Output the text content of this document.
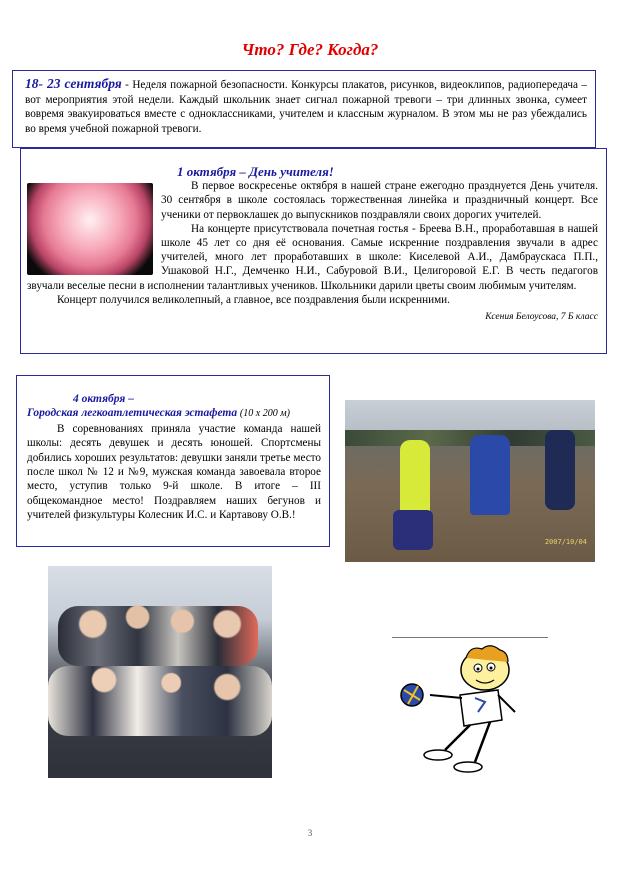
Что? Где? Когда?
18- 23 сентября - Неделя пожарной безопасности. Конкурсы плакатов, рисунков, видеоклипов, радиопередача – вот мероприятия этой недели. Каждый школьник знает сигнал пожарной тревоги – три длинных звонка, сумеет вовремя эвакуироваться вместе с одноклассниками, учителем и классным журналом. В этом мы не раз убеждались во время учебной пожарной тревоги.
1 октября – День учителя!
В первое воскресенье октября в нашей стране ежегодно празднуется День учителя. 30 сентября в школе состоялась торжественная линейка и праздничный концерт. Все ученики от первоклашек до выпускников поздравляли своих дорогих учителей.
На концерте присутствовала почетная гостья - Бреева В.Н., проработавшая в нашей школе 45 лет со дня её основания. Самые искренние поздравления звучали в адрес учителей, много лет проработавших в школе: Киселевой А.И., Дамбраускаса П.П., Ушаковой Н.Г., Демченко Н.И., Сабуровой В.И., Целигоровой Е.Г. В честь педагогов звучали веселые песни в исполнении талантливых учеников. Школьники дарили цветы своим любимым учителям.
Концерт получился великолепный, а главное, все поздравления были искренними.
Ксения Белоусова, 7 Б класс
4 октября –
Городская легкоатлетическая эстафета (10 х 200 м)
В соревнованиях приняла участие команда нашей школы: десять девушек и десять юношей. Спортсмены добились хороших результатов: девушки заняли третье место после школ № 12 и №9, мужская команда завоевала второе место, уступив только 9-й школе. В итоге – III общекомандное место! Поздравляем наших бегунов и учителей физкультуры Колесник И.С. и Картавову О.В.!
2007/10/04
3
